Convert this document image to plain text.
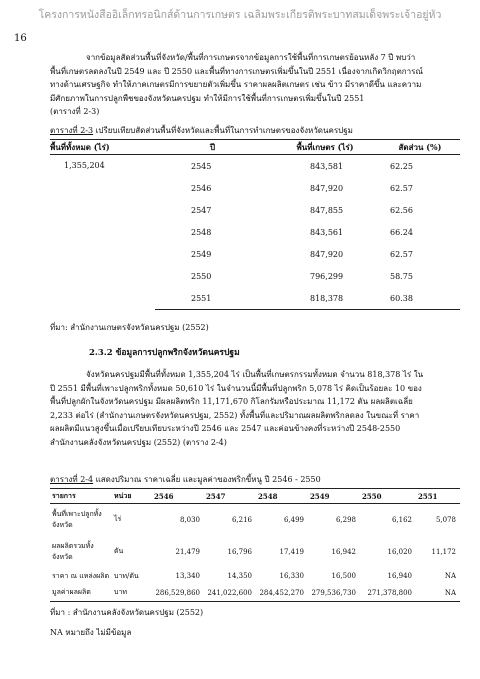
โครงการหนังสืออิเล็กทรอนิกส์ด้านการเกษตร เฉลิมพระเกียรติพระบาทสมเด็จพระเจ้าอยู่หัว
16

จากข้อมูลสัดส่วนพื้นที่จังหวัด/พื้นที่การเกษตรจากข้อมูลการใช้พื้นที่การเกษตรย้อนหลัง 7 ปี พบว่า

พื้นที่เกษตรลดลงในปี 2549 และ ปี 2550 และพื้นที่ทางการเกษตรเพิ่มขึ้นในปี 2551 เนื่องจากเกิดวิกฤตการณ์

ทางด้านเศรษฐกิจ ทำให้ภาคเกษตรมีการขยายตัวเพิ่มขึ้น ราคาผลผลิตเกษตร เช่น ข้าว มีราคาดีขึ้น และความ

มีศักยภาพในการปลูกพืชของจังหวัดนครปฐม ทำให้มีการใช้พื้นที่การเกษตรเพิ่มขึ้นในปี 2551

(ตารางที่ 2-3)

ตารางที่ 2-3 เปรียบเทียบสัดส่วนพื้นที่จังหวัดและพื้นที่ในการทำเกษตรของจังหวัดนครปฐม
พื้นที่ทั้งหมด (ไร่)	ปี	พื้นที่เกษตร (ไร่)	สัดส่วน (%)
1,355,204	2545	843,581	62.25
	2546	847,920	62.57
	2547	847,855	62.56
	2548	843,561	66.24
	2549	847,920	62.57
	2550	796,299	58.75
	2551	818,378	60.38
ที่มา: สำนักงานเกษตรจังหวัดนครปฐม (2552)
2.3.2 ข้อมูลการปลูกพริกจังหวัดนครปฐม

จังหวัดนครปฐมมีพื้นที่ทั้งหมด 1,355,204 ไร่ เป็นพื้นที่เกษตรกรรมทั้งหมด จำนวน 818,378 ไร่ ใน

ปี 2551 มีพื้นที่เพาะปลูกพริกทั้งหมด 50,610 ไร่ ในจำนวนนี้มีพื้นที่ปลูกพริก 5,078 ไร่ คิดเป็นร้อยละ 10 ของ

พื้นที่ปลูกผักในจังหวัดนครปฐม มีผลผลิตพริก 11,171,670 กิโลกรัมหรือประมาณ 11,172 ตัน ผลผลิตเฉลี่ย

2,233 ต่อไร่ (สำนักงานเกษตรจังหวัดนครปฐม, 2552) ทั้งพื้นที่และปริมาณผลผลิตพริกลดลง ในขณะที่ ราคา

ผลผลิตมีแนวสูงขึ้นเมื่อเปรียบเทียบระหว่างปี 2546 และ 2547 และค่อนข้างคงที่ระหว่างปี 2548-2550

สำนักงานคลังจังหวัดนครปฐม (2552) (ตาราง 2-4)

ตารางที่ 2-4 แสดงปริมาณ ราคาเฉลี่ย และมูลค่าของพริกขี้หนู ปี 2546 - 2550
รายการ	หน่วย	2546	2547	2548	2549	2550	2551

พื้นที่เพาะปลูกทั้ง
จังหวัด	ไร่	8,030	6,216	6,499	6,298	6,162	5,078

ผลผลิตรวมทั้ง
จังหวัด	ตัน	21,479	16,796	17,419	16,942	16,020	11,172
ราคา ณ แหล่งผลิต	บาท/ตัน	13,340	14,350	16,330	16,500	16,940	NA
มูลค่าผลผลิต	บาท	286,529,860	241,022,600	284,452,270	279,536,730	271,378,800	NA
ที่มา : สำนักงานคลังจังหวัดนครปฐม (2552)
NA หมายถึง ไม่มีข้อมูล
